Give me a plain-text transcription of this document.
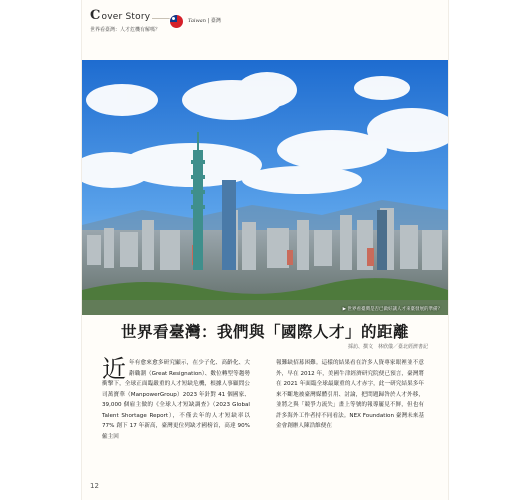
Cover Story
世界看臺灣：人才危機有解嗎？
Taiwan | 臺灣
▶ 世界看臺灣是否已做好讓人才來臺發展的準備？
世界看臺灣：我們與「國際人才」的距離
採訪、撰文　林欣儀／臺北經濟書記
近年有愈來愈多研究顯示，在少子化、高齡化、大辭職潮（Great Resignation）、數位轉型等趨勢衝擊下，全球正面臨嚴重的人才短缺危機，根據人事顧問公司萬寶華（ManpowerGroup）2023 年針對 41 個國家、39,000 個雇主做的《全球人才短缺調查》（2023 Global Talent Shortage Report），不僅去年的人才短缺率以 77% 創下 17 年新高，臺灣更位列缺才國榜首，高達 90% 僱主回
報難缺招募困難。這樣的結果看在許多人資專家眼裡並不意外，早在 2012 年，美國牛津經濟研究院便已預言，臺灣將在 2021 年面臨全球最嚴重的人才赤字，此一研究結果多年來不斷地被臺灣媒體引用、討論，把問題歸咎於人才外移，並將之與「競爭力流失」畫上等號的報導屢見不鮮，但也有許多海外工作者持不同看法。NEX Foundation 臺灣未來基金會創辦人陳浩維便在
12
